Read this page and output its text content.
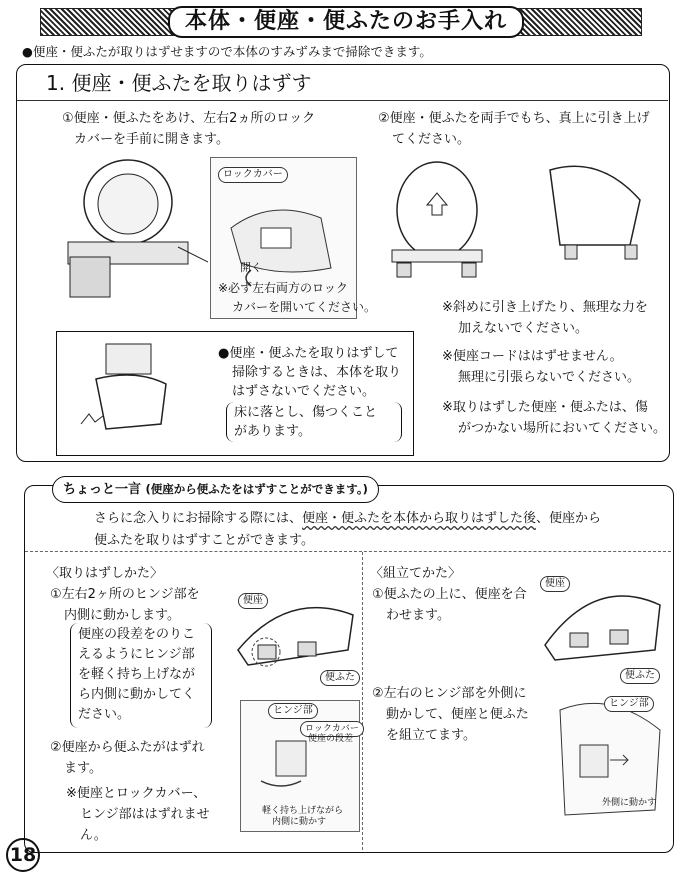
本体・便座・便ふたのお手入れ
●便座・便ふたが取りはずせますので本体のすみずみまで掃除できます。
1. 便座・便ふたを取りはずす
①便座・便ふたをあけ、左右2ヵ所のロック
カバーを手前に開きます。
②便座・便ふたを両手でもち、真上に引き上げ
てください。
ロックカバー
開く
※必ず左右両方のロック
カバーを開いてください。	※斜めに引き上げたり、無理な力を
加えないでください。
※便座コードははずせません。
無理に引張らないでください。
※取りはずした便座・便ふたは、傷
がつかない場所においてください。
●便座・便ふたを取りはずして
掃除するときは、本体を取り
はずさないでください。
床に落とし、傷つくこと
があります。
ちょっと一言 (便座から便ふたをはずすことができます。)
さらに念入りにお掃除する際には、便座・便ふたを本体から取りはずした後、便座から
便ふたを取りはずすことができます。
〈取りはずしかた〉
①左右2ヶ所のヒンジ部を
内側に動かします。
便座の段差をのりこ
えるようにヒンジ部
を軽く持ち上げなが
ら内側に動かしてく
ださい。
②便座から便ふたがはずれ
ます。
※便座とロックカバー、
ヒンジ部ははずれませ
ん。
便座
便ふた
ヒンジ部
ロックカバー
便座の段差
軽く持ち上げながら
内側に動かす
〈組立てかた〉
①便ふたの上に、便座を合
わせます。
②左右のヒンジ部を外側に
動かして、便座と便ふた
を組立てます。
便座
便ふた
ヒンジ部
外側に動かす
18
